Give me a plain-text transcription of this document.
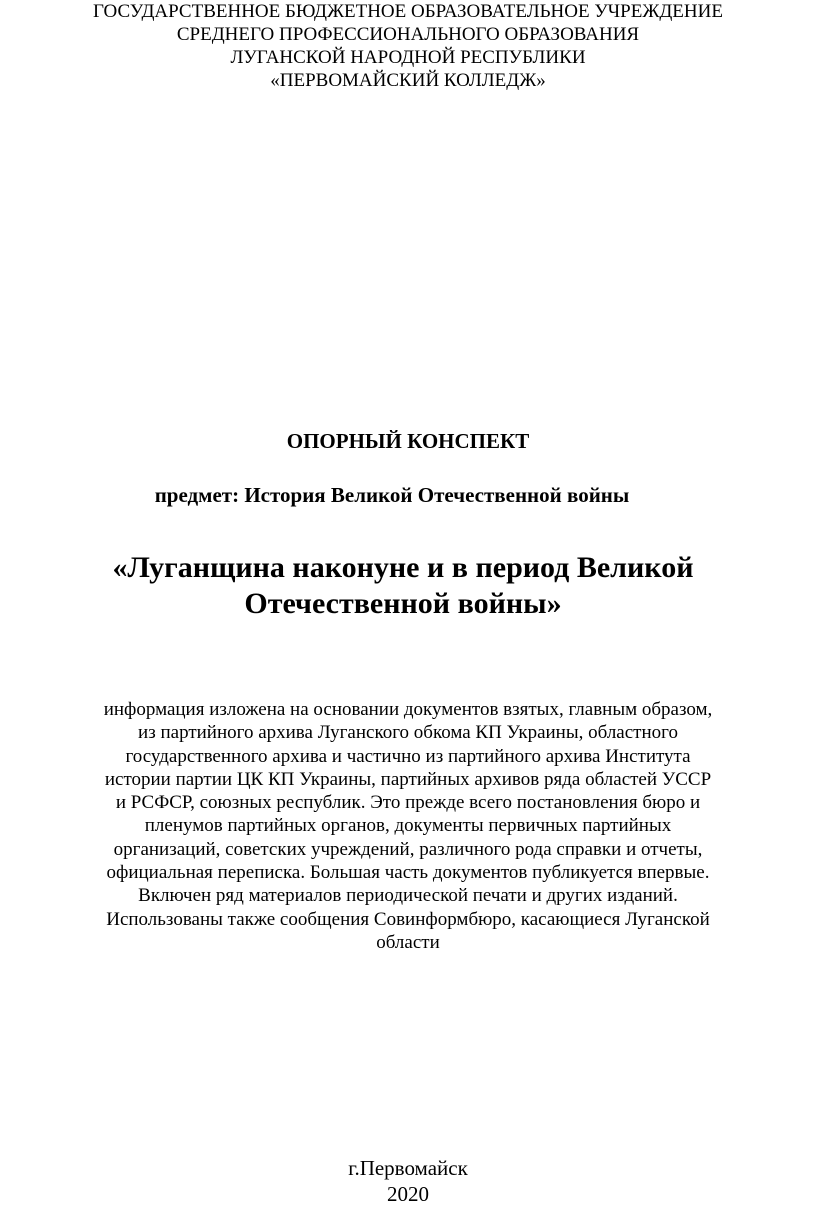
ГОСУДАРСТВЕННОЕ БЮДЖЕТНОЕ ОБРАЗОВАТЕЛЬНОЕ УЧРЕЖДЕНИЕ
СРЕДНЕГО ПРОФЕССИОНАЛЬНОГО ОБРАЗОВАНИЯ
ЛУГАНСКОЙ НАРОДНОЙ РЕСПУБЛИКИ
«ПЕРВОМАЙСКИЙ КОЛЛЕДЖ»
ОПОРНЫЙ КОНСПЕКТ
предмет: История Великой Отечественной войны
«Луганщина наконуне и в период Великой
Отечественной войны»
информация изложена на основании документов взятых, главным образом,
из партийного архива Луганского обкома КП Украины, областного
государственного архива и частично из партийного архива Института
истории партии ЦК КП Украины, партийных архивов ряда областей УССР
и РСФСР, союзных республик. Это прежде всего постановления бюро и
пленумов партийных органов, документы первичных партийных
организаций, советских учреждений, различного рода справки и отчеты,
официальная переписка. Большая часть документов публикуется впервые.
Включен ряд материалов периодической печати и других изданий.
Использованы также сообщения Совинформбюро, касающиеся Луганской
области
г.Первомайск
2020
